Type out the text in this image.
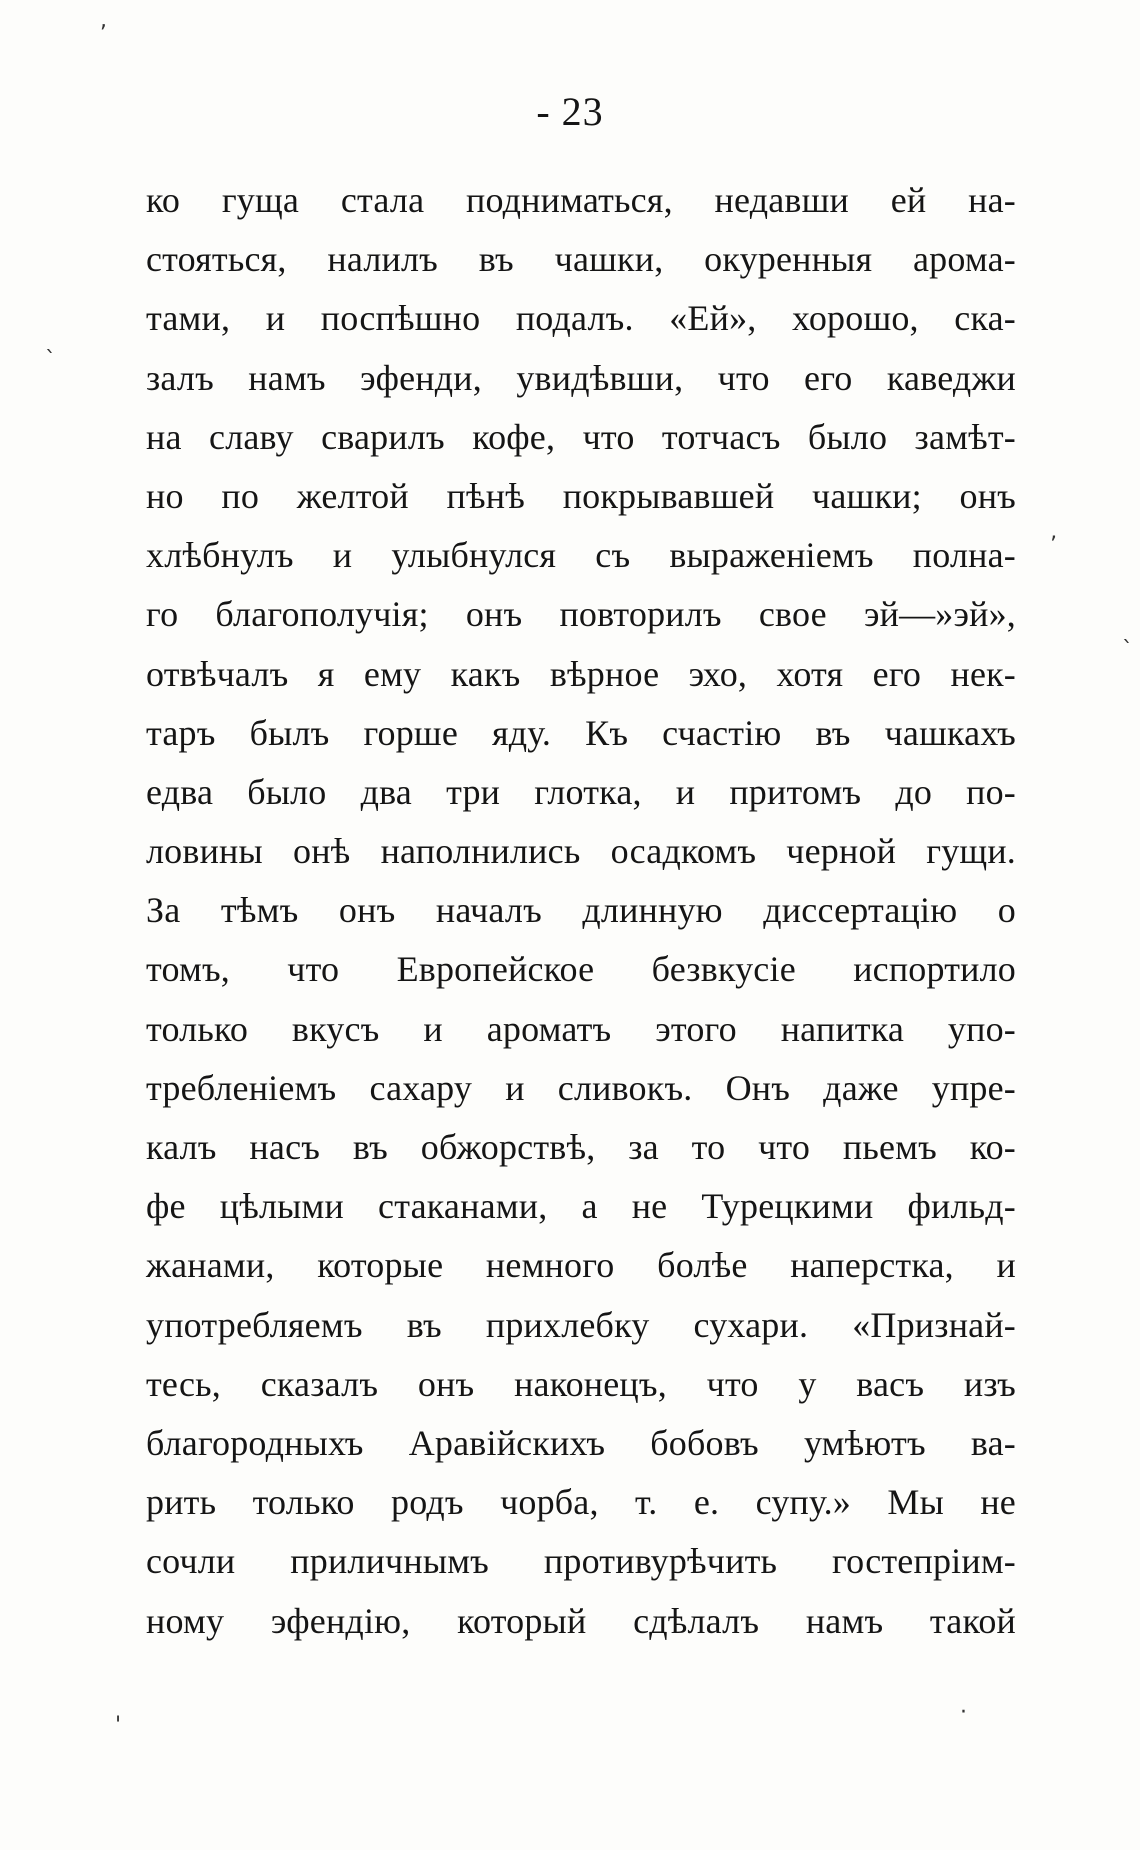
- 23
ко гуща стала подниматься, недавши ей на-
стояться, налилъ въ чашки, окуренныя арома-
тами, и поспѣшно подалъ. «Ей», хорошо, ска-
залъ намъ эфенди, увидѣвши, что его каведжи
на славу сварилъ кофе, что тотчасъ было замѣт-
но по желтой пѣнѣ покрывавшей чашки; онъ
хлѣбнулъ и улыбнулся съ выраженіемъ полна-
го благополучія; онъ повторилъ свое эй—»эй»,
отвѣчалъ я ему какъ вѣрное эхо, хотя его нек-
таръ былъ горше яду. Къ счастію въ чашкахъ
едва было два три глотка, и притомъ до по-
ловины онѣ наполнились осадкомъ черной гущи.
За тѣмъ онъ началъ длинную диссертацію о
томъ, что Европейское безвкусіе испортило
только вкусъ и ароматъ этого напитка упо-
требленіемъ сахару и сливокъ. Онъ даже упре-
калъ насъ въ обжорствѣ, за то что пьемъ ко-
фе цѣлыми стаканами, а не Турецкими фильд-
жанами, которые немного болѣе наперстка, и
употребляемъ въ прихлебку сухари. «Признай-
тесь, сказалъ онъ наконецъ, что у васъ изъ
благородныхъ Аравійскихъ бобовъ умѣютъ ва-
рить только родъ чорба, т. е. супу.» Мы не
сочли приличнымъ противурѣчить гостепріим-
ному эфендію, который сдѣлалъ намъ такой
,
`
’
`
'
·
